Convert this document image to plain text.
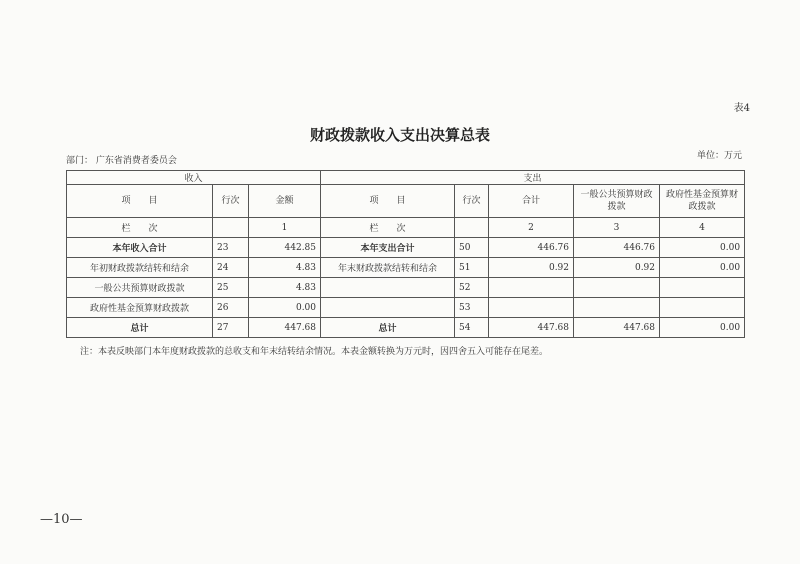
表4
财政拨款收入支出决算总表
部门： 广东省消费者委员会	单位：万元
收入			支出				
项　　目	行次	金额	项　　目	行次	合计	一般公共预算财政拨款	政府性基金预算财政拨款
栏　　次		1	栏　　次		2	3	4
本年收入合计	23	442.85	本年支出合计	50	446.76	446.76	0.00
年初财政拨款结转和结余	24	4.83	年末财政拨款结转和结余	51	0.92	0.92	0.00
一般公共预算财政拨款	25	4.83		52			
政府性基金预算财政拨款	26	0.00		53			
总计	27	447.68	总计	54	447.68	447.68	0.00
注：本表反映部门本年度财政拨款的总收支和年末结转结余情况。本表金额转换为万元时，因四舍五入可能存在尾差。
—10—
